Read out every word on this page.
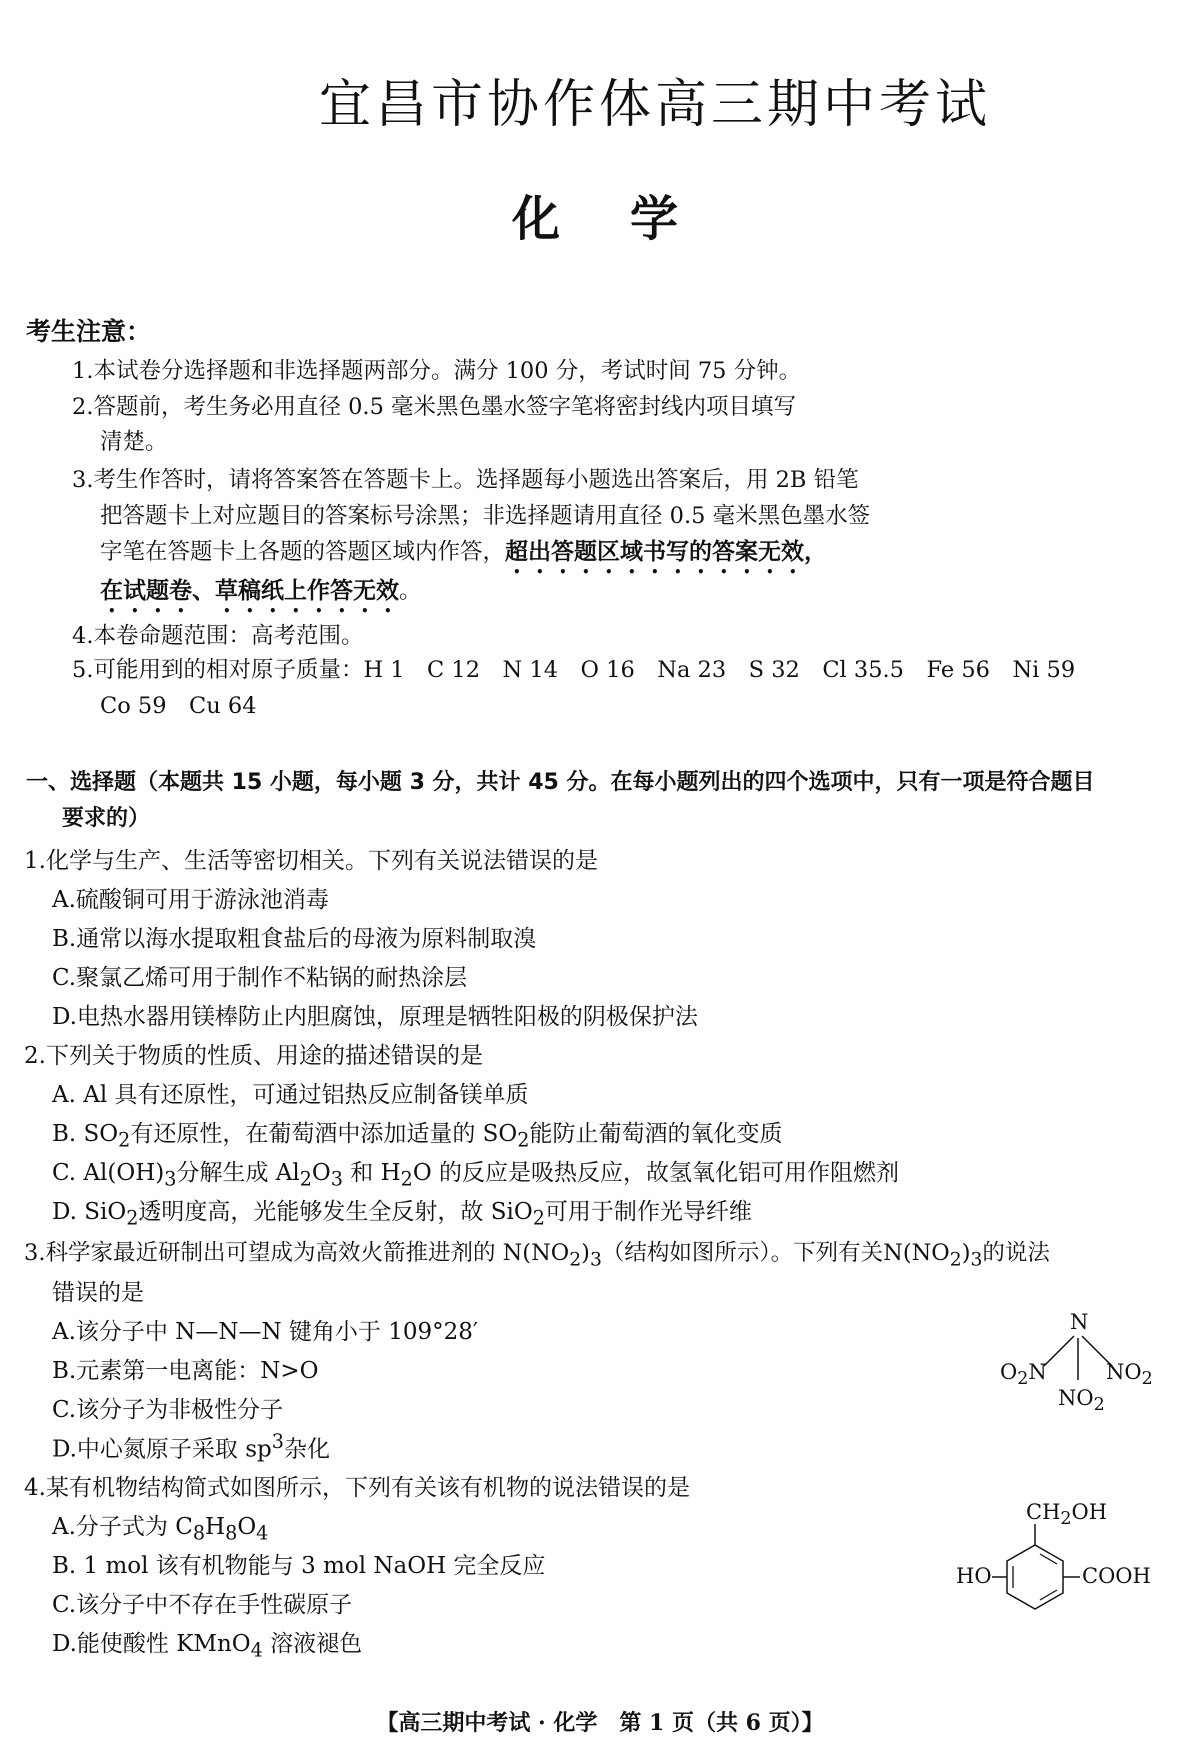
宜昌市协作体高三期中考试
化学
考生注意：
1.本试卷分选择题和非选择题两部分。满分 100 分，考试时间 75 分钟。
2.答题前，考生务必用直径 0.5 毫米黑色墨水签字笔将密封线内项目填写
清楚。
3.考生作答时，请将答案答在答题卡上。选择题每小题选出答案后，用 2B 铅笔
把答题卡上对应题目的答案标号涂黑；非选择题请用直径 0.5 毫米黑色墨水签
字笔在答题卡上各题的答题区域内作答，超出答题区域书写的答案无效，
在试题卷、草稿纸上作答无效。
4.本卷命题范围：高考范围。
5.可能用到的相对原子质量：H 1　C 12　N 14　O 16　Na 23　S 32　Cl 35.5　Fe 56　Ni 59
Co 59　Cu 64
一、选择题（本题共 15 小题，每小题 3 分，共计 45 分。在每小题列出的四个选项中，只有一项是符合题目
要求的）
1.化学与生产、生活等密切相关。下列有关说法错误的是
A.硫酸铜可用于游泳池消毒
B.通常以海水提取粗食盐后的母液为原料制取溴
C.聚氯乙烯可用于制作不粘锅的耐热涂层
D.电热水器用镁棒防止内胆腐蚀，原理是牺牲阳极的阴极保护法
2.下列关于物质的性质、用途的描述错误的是
A. Al 具有还原性，可通过铝热反应制备镁单质
B. $SO_2$有还原性，在葡萄酒中添加适量的 $SO_2$能防止葡萄酒的氧化变质
C. $Al(OH)_3$分解生成 $Al_2O_3$ 和 $H_2O$ 的反应是吸热反应，故氢氧化铝可用作阻燃剂
D. SiO$_2$透明度高，光能够发生全反射，故 SiO$_2$可用于制作光导纤维
3.科学家最近研制出可望成为高效火箭推进剂的 $N(NO_2)_3$（结构如图所示）。下列有关$N(NO_2)_3$的说法
错误的是
A.该分子中 N—N—N 键角小于 109°28′
B.元素第一电离能：N>O
C.该分子为非极性分子
D.中心氮原子采取 $sp^3$杂化
N
$O_2N$	$NO_2$
$NO_2$
4.某有机物结构简式如图所示，下列有关该有机物的说法错误的是
A.分子式为 $C_8H_8O_4$
B. 1 mol 该有机物能与 3 mol NaOH 完全反应
C.该分子中不存在手性碳原子
D.能使酸性 KMnO$_4$ 溶液褪色
$CH_2OH$
HO	COOH
【高三期中考试 · 化学　第 1 页（共 6 页）】
